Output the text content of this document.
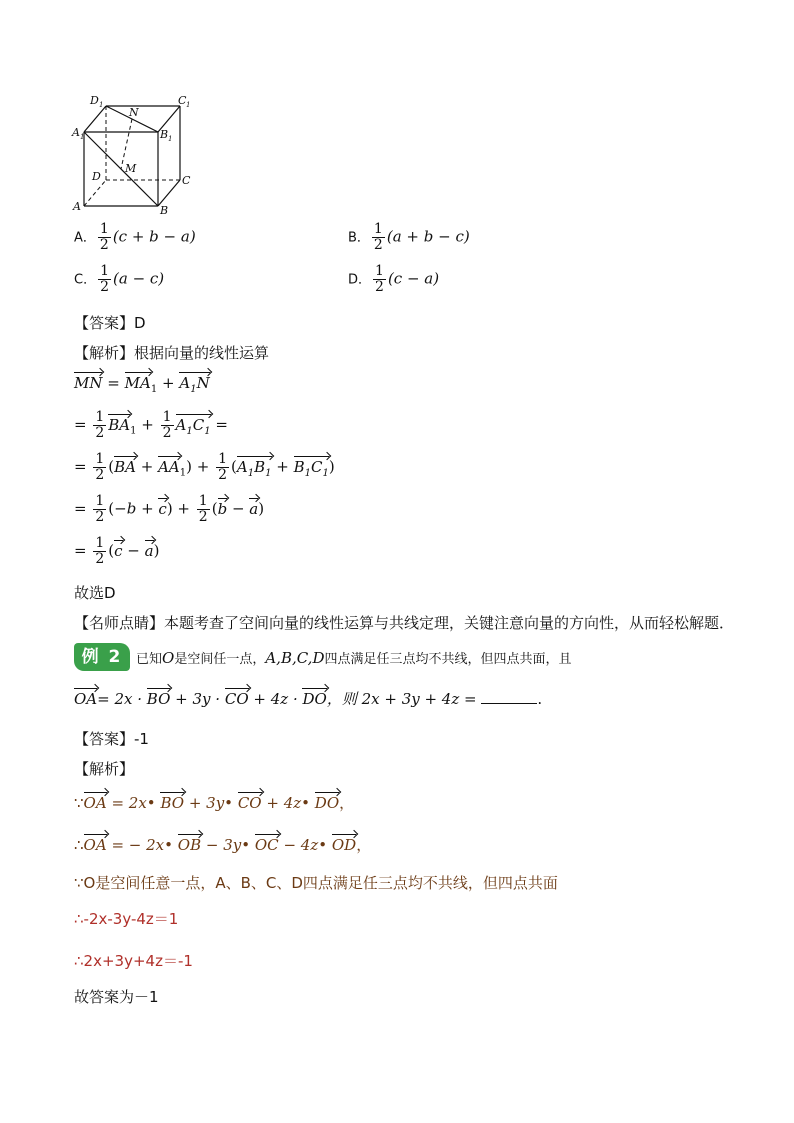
D 1	C 1
A 1	B 1
N
M
D	C
A	B
A． $\frac{1}{2} (c + b - a)$	B． $\frac{1}{2} (a + b - c)$
C． $\frac{1}{2} (a - c)$	D． $\frac{1}{2} (c - a)$
【答案】D
【解析】根据向量的线性运算
MN = $MA_1 + A_1N$
= $\frac{1}{2} BA_1 + \frac{1}{2} A_1C_1$ =
= $\frac{1}{2} (BA + AA_1) + \frac{1}{2} (A_1B_1 + B_1C_1)$
= $\frac{1}{2} (-b + c) + \frac{1}{2} (b - a)$
= $\frac{1}{2} (c - a)$
故选D
【名师点睛】本题考查了空间向量的线性运算与共线定理，关键注意向量的方向性，从而轻松解题．
例 2	已知O是空间任一点，A,B,C,D四点满足任三点均不共线，但四点共面，且
OA= 2x · BO + 3y · CO + 4z · DO，则 2x + 3y + 4z =	.
【答案】-1
【解析】
∵OA = 2x• BO + 3y• CO + 4z• DO，
∴OA = − 2x• OB − 3y• OC − 4z• OD，
∵O是空间任意一点，A、B、C、D四点满足任三点均不共线，但四点共面
∴-2x-3y-4z＝1
∴2x+3y+4z＝-1
故答案为－1
